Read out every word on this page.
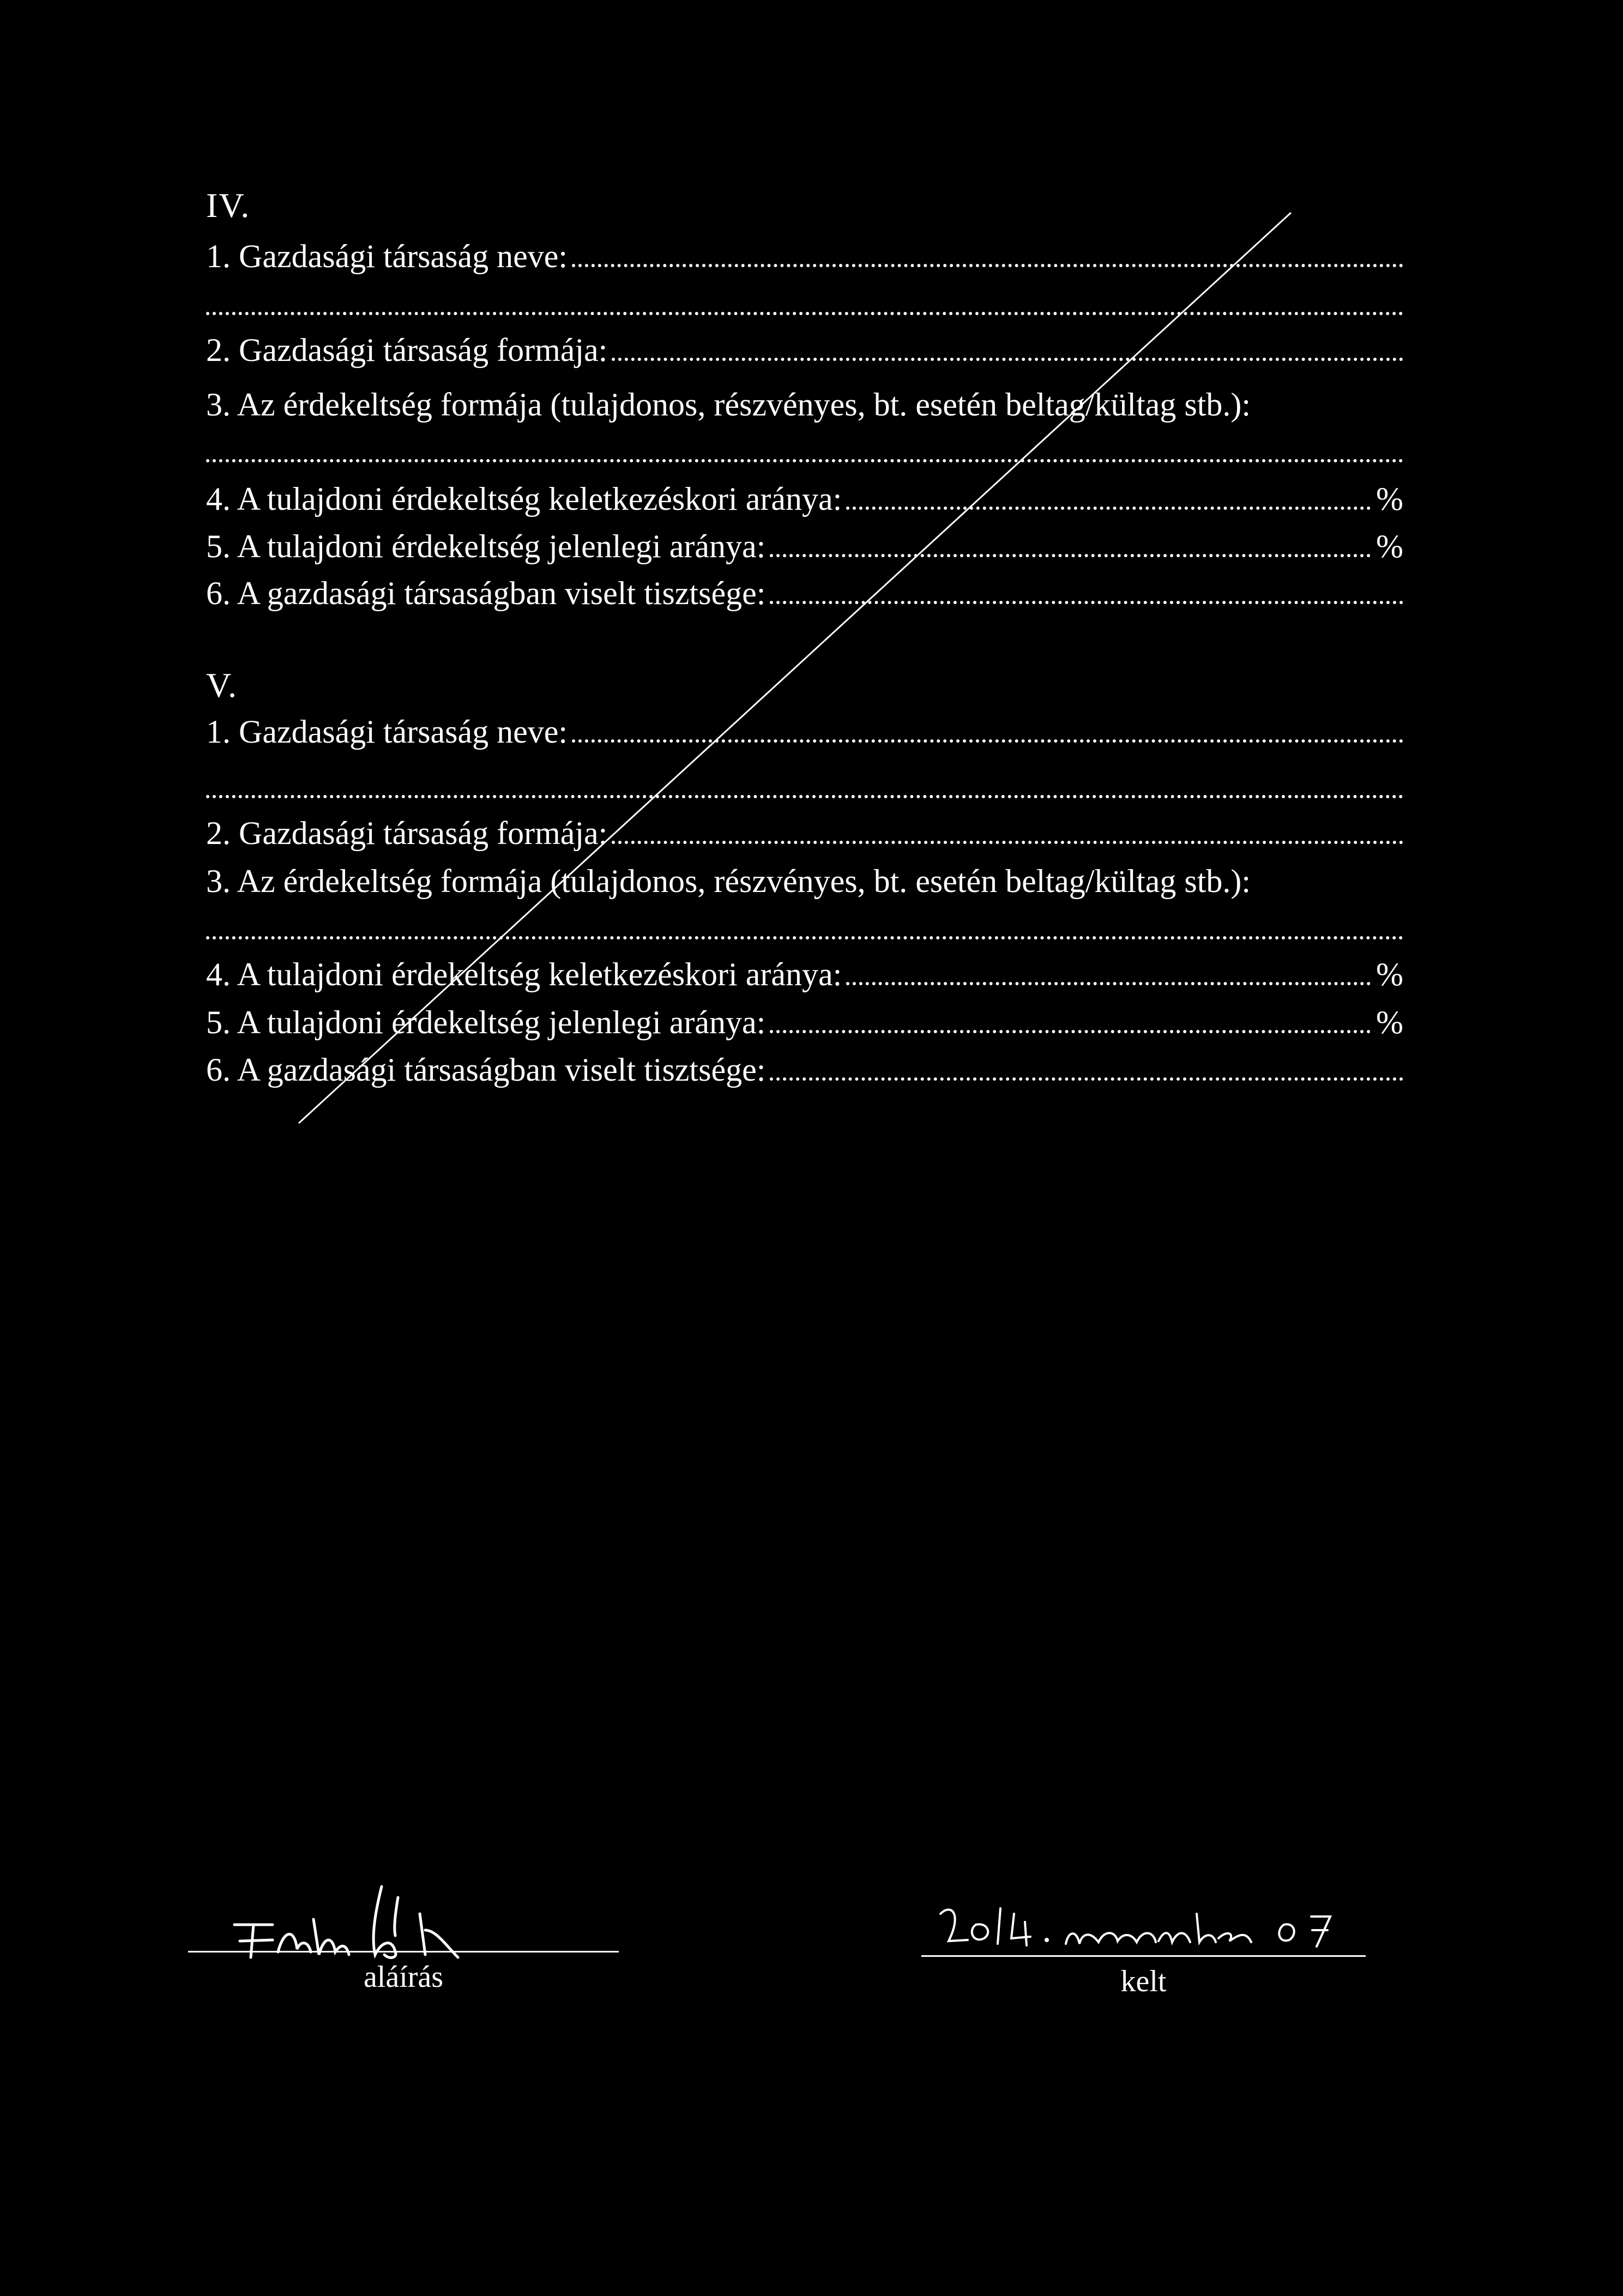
IV.
1. Gazdasági társaság neve:
2. Gazdasági társaság formája:
3. Az érdekeltség formája (tulajdonos, részvényes, bt. esetén beltag/kültag stb.):
4. A tulajdoni érdekeltség keletkezéskori aránya:	%
5. A tulajdoni érdekeltség jelenlegi aránya:	%
6. A gazdasági társaságban viselt tisztsége:
V.
1. Gazdasági társaság neve:
2. Gazdasági társaság formája:
3. Az érdekeltség formája (tulajdonos, részvényes, bt. esetén beltag/kültag stb.):
4. A tulajdoni érdekeltség keletkezéskori aránya:	%
5. A tulajdoni érdekeltség jelenlegi aránya:	%
6. A gazdasági társaságban viselt tisztsége:
aláírás	kelt
